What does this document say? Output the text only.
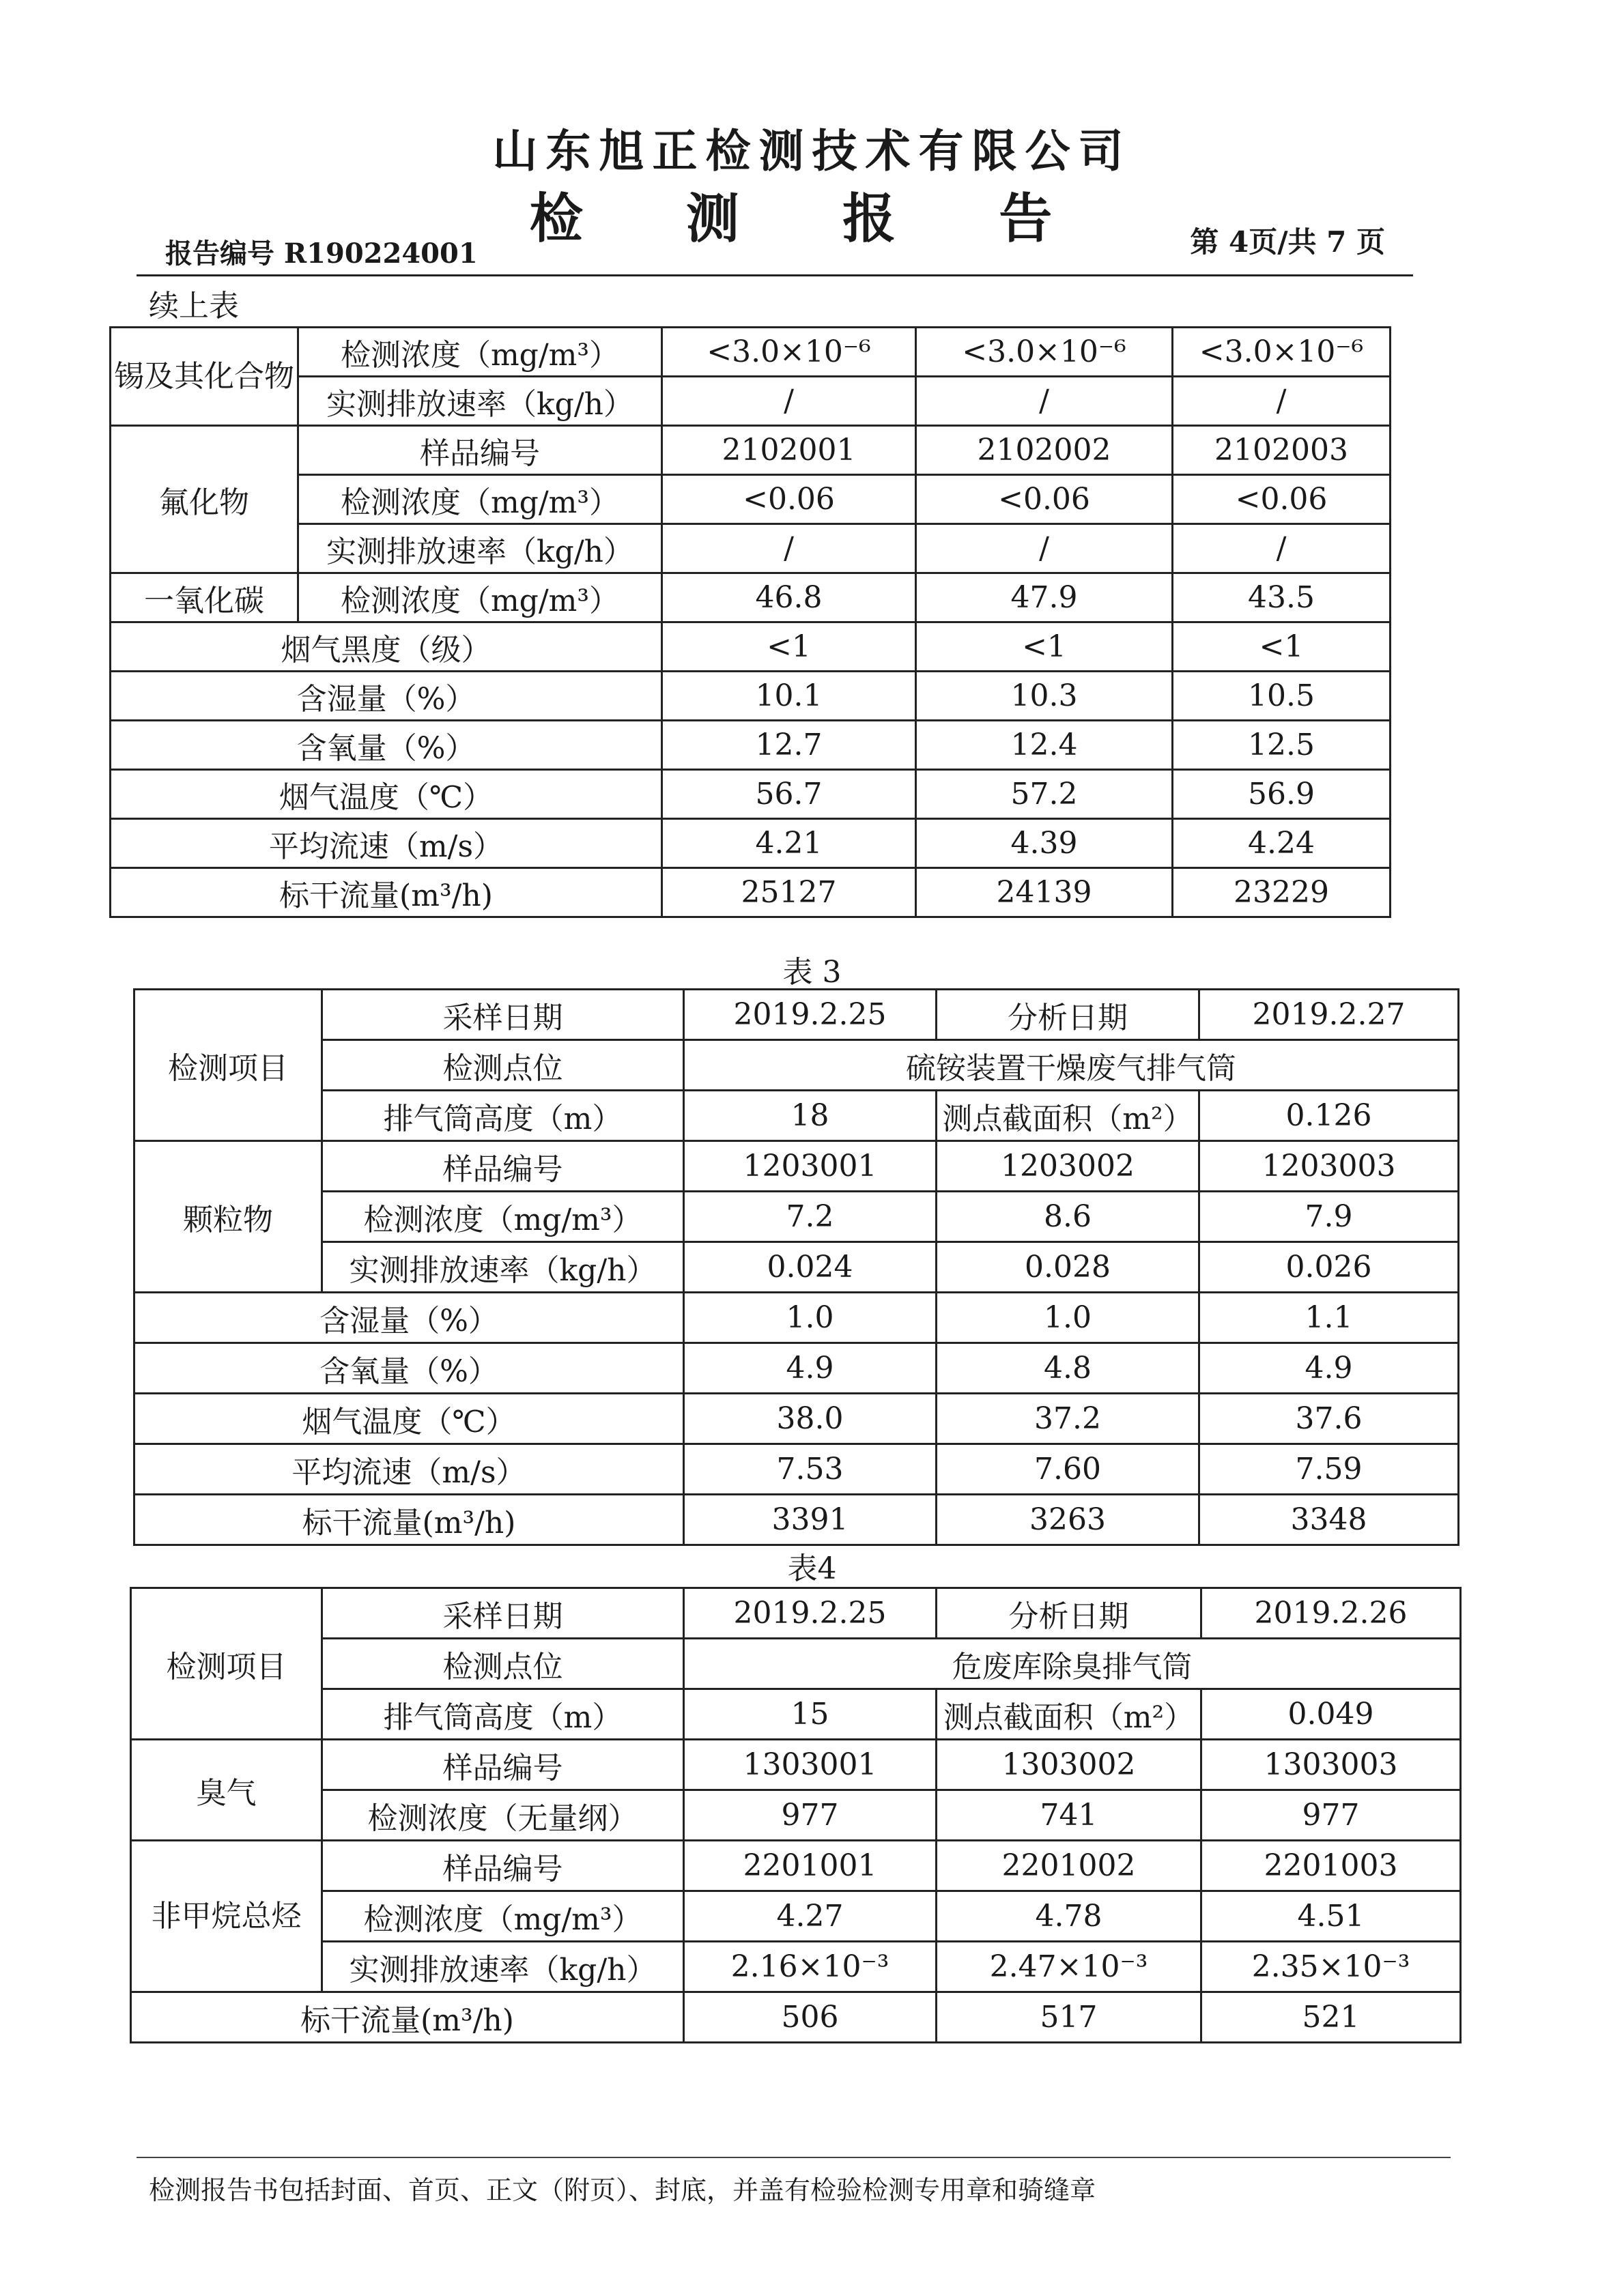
山东旭正检测技术有限公司
检 测 报 告
报告编号 R190224001	第 4页/共 7 页
续上表
锡及其化合物	检测浓度（mg/m³）	<3.0×10⁻⁶	<3.0×10⁻⁶	<3.0×10⁻⁶
	实测排放速率（kg/h）	/	/	/
氟化物	样品编号	2102001	2102002	2102003
	检测浓度（mg/m³）	<0.06	<0.06	<0.06
	实测排放速率（kg/h）	/	/	/
一氧化碳	检测浓度（mg/m³）	46.8	47.9	43.5
烟气黑度（级）		<1	<1	<1
含湿量（%）		10.1	10.3	10.5
含氧量（%）		12.7	12.4	12.5
烟气温度（℃）		56.7	57.2	56.9
平均流速（m/s）		4.21	4.39	4.24
标干流量(m³/h)		25127	24139	23229
表 3
检测项目	采样日期	2019.2.25	分析日期	2019.2.27
	检测点位	硫铵装置干燥废气排气筒		
	排气筒高度（m）	18	测点截面积（m²）	0.126
颗粒物	样品编号	1203001	1203002	1203003
	检测浓度（mg/m³）	7.2	8.6	7.9
	实测排放速率（kg/h）	0.024	0.028	0.026
含湿量（%）		1.0	1.0	1.1
含氧量（%）		4.9	4.8	4.9
烟气温度（℃）		38.0	37.2	37.6
平均流速（m/s）		7.53	7.60	7.59
标干流量(m³/h)		3391	3263	3348
表4
检测项目	采样日期	2019.2.25	分析日期	2019.2.26
	检测点位	危废库除臭排气筒		
	排气筒高度（m）	15	测点截面积（m²）	0.049
臭气	样品编号	1303001	1303002	1303003
	检测浓度（无量纲）	977	741	977
非甲烷总烃	样品编号	2201001	2201002	2201003
	检测浓度（mg/m³）	4.27	4.78	4.51
	实测排放速率（kg/h）	2.16×10⁻³	2.47×10⁻³	2.35×10⁻³
标干流量(m³/h)		506	517	521
检测报告书包括封面、首页、正文（附页）、封底，并盖有检验检测专用章和骑缝章
